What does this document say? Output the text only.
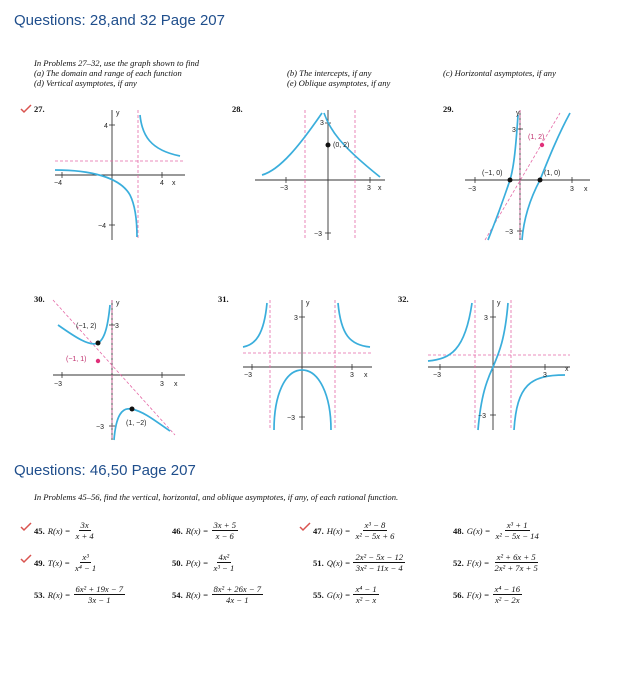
Questions: 28,and 32 Page 207
Questions: 46,50 Page 207
In Problems 27–32, use the graph shown to find
(a) The domain and range of each function
(d) Vertical asymptotes, if any
(b) The intercepts, if any
(e) Oblique asymptotes, if any
(c) Horizontal asymptotes, if any
27.	28.	29.
30.	31.	32.
4
−4	4
−4
x
y
(0, 2)
3
−3	3
−3
x
(1, 2)
(−1, 0)	(1, 0)
3
−3	3
−3
x
y
(−1, 2)
(−1, 1)
(1, −2)
3
−3	3
−3
x
y
3
−3	3
−3
x
y
3
−3	3
−3
x
y
In Problems 45–56, find the vertical, horizontal, and oblique asymptotes, if any, of each rational function.
45. $R(x) = \frac{3x}{x + 4}$	46. $R(x) = \frac{3x + 5}{x - 6}$	47. $H(x) = \frac{\text{x³ − 8}}{\text{x² − 5x + 6}}$	48. $G(x) = \frac{\text{x³ + 1}}{\text{x² − 5x − 14}}$
49. $T(x) = \frac{\text{x³}}{\text{x⁴ − 1}}$	50. $P(x) = \frac{\text{4x²}}{\text{x³ − 1}}$	51. $Q(x) = \frac{\text{2x² − 5x − 12}}{\text{3x² − 11x − 4}}$	52. $F(x) = \frac{\text{x² + 6x + 5}}{\text{2x² + 7x + 5}}$
53. $R(x) = \frac{\text{6x² + 19x − 7}}{3x - 1}$	54. $R(x) = \frac{\text{8x² + 26x − 7}}{4x - 1}$	55. $G(x) = \frac{\text{x⁴ − 1}}{\text{x² − x}}$	56. $F(x) = \frac{\text{x⁴ − 16}}{\text{x² − 2x}}$
